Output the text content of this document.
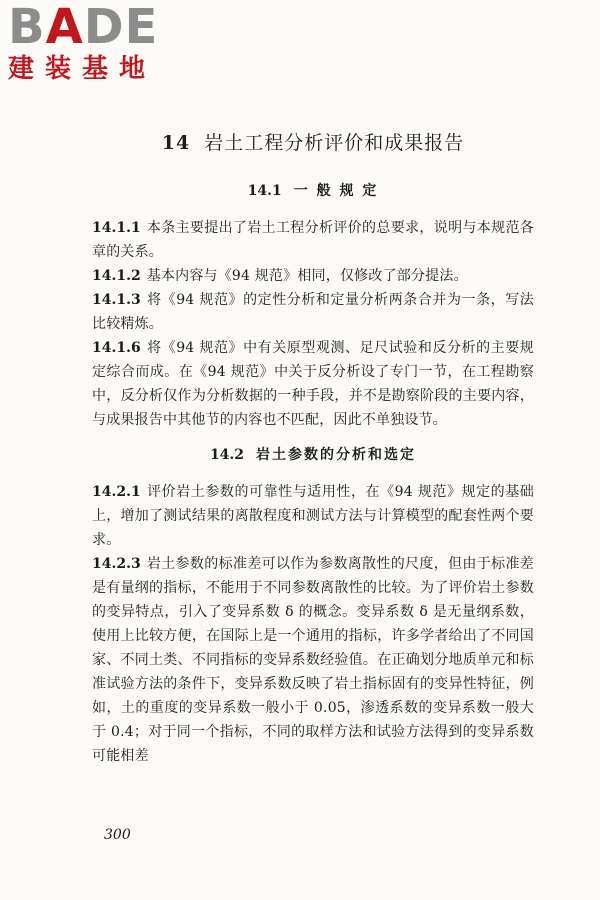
B A DE
建装基地
14 岩土工程分析评价和成果报告
14.1 一 般 规 定

14.1.1 本条主要提出了岩土工程分析评价的总要求，说明与本规范各章的关系。

14.1.2 基本内容与《94 规范》相同，仅修改了部分提法。

14.1.3 将《94 规范》的定性分析和定量分析两条合并为一条，写法比较精炼。

14.1.6 将《94 规范》中有关原型观测、足尺试验和反分析的主要规定综合而成。在《94 规范》中关于反分析设了专门一节，在工程勘察中，反分析仅作为分析数据的一种手段，并不是勘察阶段的主要内容，与成果报告中其他节的内容也不匹配，因此不单独设节。

14.2 岩土参数的分析和选定

14.2.1 评价岩土参数的可靠性与适用性，在《94 规范》规定的基础上，增加了测试结果的离散程度和测试方法与计算模型的配套性两个要求。

14.2.3 岩土参数的标准差可以作为参数离散性的尺度，但由于标准差是有量纲的指标，不能用于不同参数离散性的比较。为了评价岩土参数的变异特点，引入了变异系数 δ 的概念。变异系数 δ 是无量纲系数，使用上比较方便，在国际上是一个通用的指标，许多学者给出了不同国家、不同土类、不同指标的变异系数经验值。在正确划分地质单元和标准试验方法的条件下，变异系数反映了岩土指标固有的变异性特征，例如，土的重度的变异系数一般小于 0.05，渗透系数的变异系数一般大于 0.4；对于同一个指标，不同的取样方法和试验方法得到的变异系数可能相差

300
